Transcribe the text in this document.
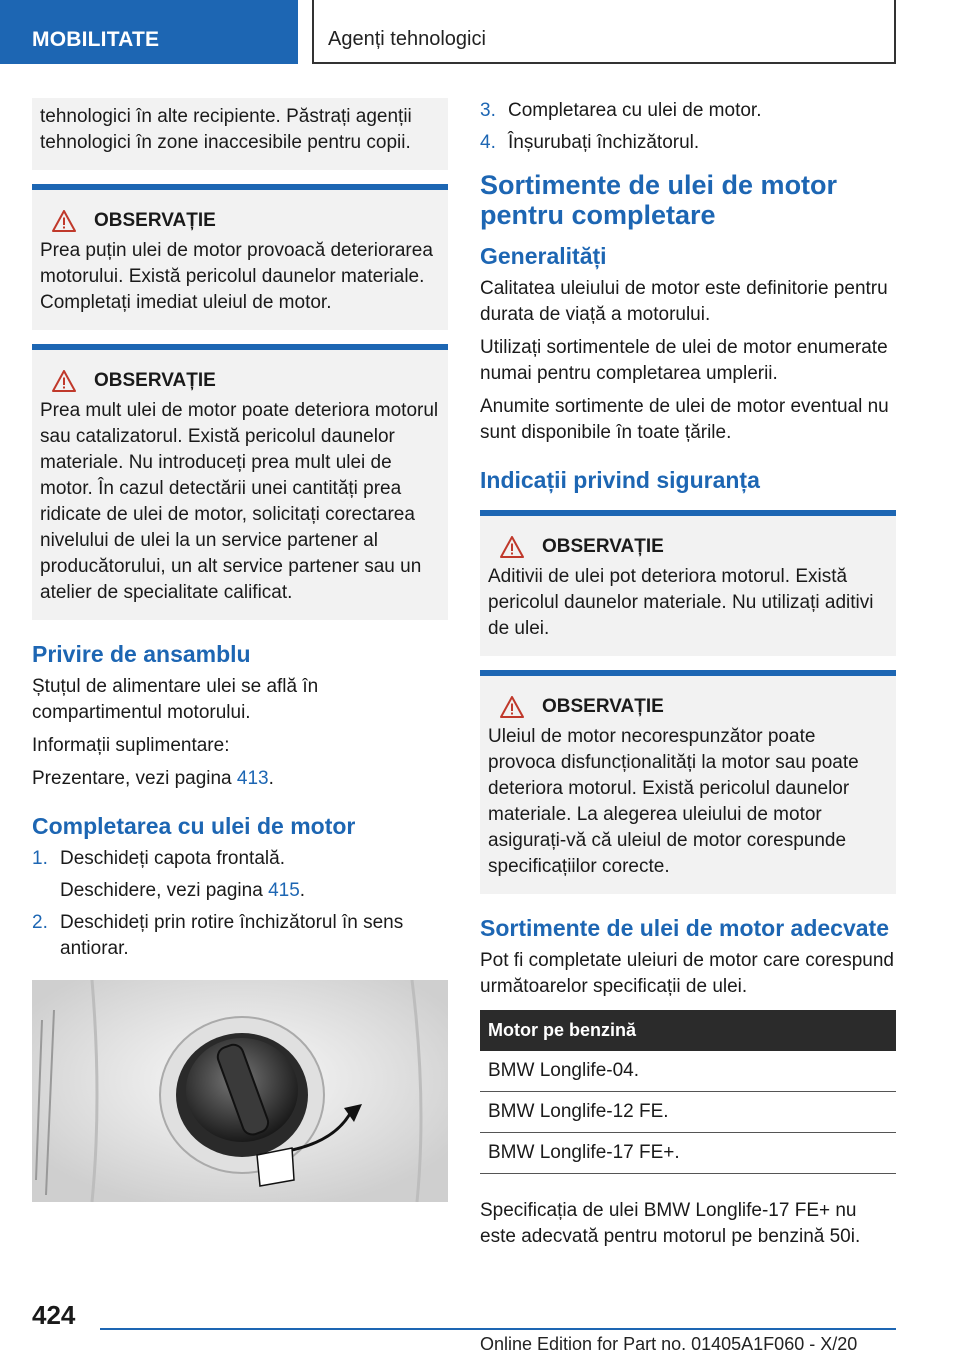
MOBILITATE	Agenți tehnologici

tehnologici în alte recipiente. Păstrați agenții tehnologici în zone inaccesibile pentru copii.

OBSERVAȚIE

Prea puțin ulei de motor provoacă deteriorarea motorului. Există pericolul daunelor materiale. Completați imediat uleiul de motor.

OBSERVAȚIE

Prea mult ulei de motor poate deteriora motorul sau catalizatorul. Există pericolul daunelor materiale. Nu introduceți prea mult ulei de motor. În cazul detectării unei cantități prea ridicate de ulei de motor, solicitați corectarea nivelului de ulei la un service partener al producătorului, un alt service partener sau un atelier de specialitate calificat.

Privire de ansamblu

Ștuțul de alimentare ulei se află în compartimentul motorului.

Informații suplimentare:

Prezentare, vezi pagina 413.

Completarea cu ulei de motor
1. Deschideți capota frontală.
Deschidere, vezi pagina 415.
2. Deschideți prin rotire închizătorul în sens antiorar.
3. Completarea cu ulei de motor.
4. Înșurubați închizătorul.
Sortimente de ulei de motor pentru completare
Generalități

Calitatea uleiului de motor este definitorie pentru durata de viață a motorului.

Utilizați sortimentele de ulei de motor enumerate numai pentru completarea umplerii.

Anumite sortimente de ulei de motor eventual nu sunt disponibile în toate țările.

Indicații privind siguranța
OBSERVAȚIE

Aditivii de ulei pot deteriora motorul. Există pericolul daunelor materiale. Nu utilizați aditivi de ulei.

OBSERVAȚIE

Uleiul de motor necorespunzător poate provoca disfuncționalități la motor sau poate deteriora motorul. Există pericolul daunelor materiale. La alegerea uleiului de motor asigurați-vă că uleiul de motor corespunde specificațiilor corecte.

Sortimente de ulei de motor adecvate

Pot fi completate uleiuri de motor care corespund următoarelor specificații de ulei.

Motor pe benzină
BMW Longlife-04.
BMW Longlife-12 FE.
BMW Longlife-17 FE+.

Specificația de ulei BMW Longlife-17 FE+ nu este adecvată pentru motorul pe benzină 50i.

424
Online Edition for Part no. 01405A1F060 - X/20
